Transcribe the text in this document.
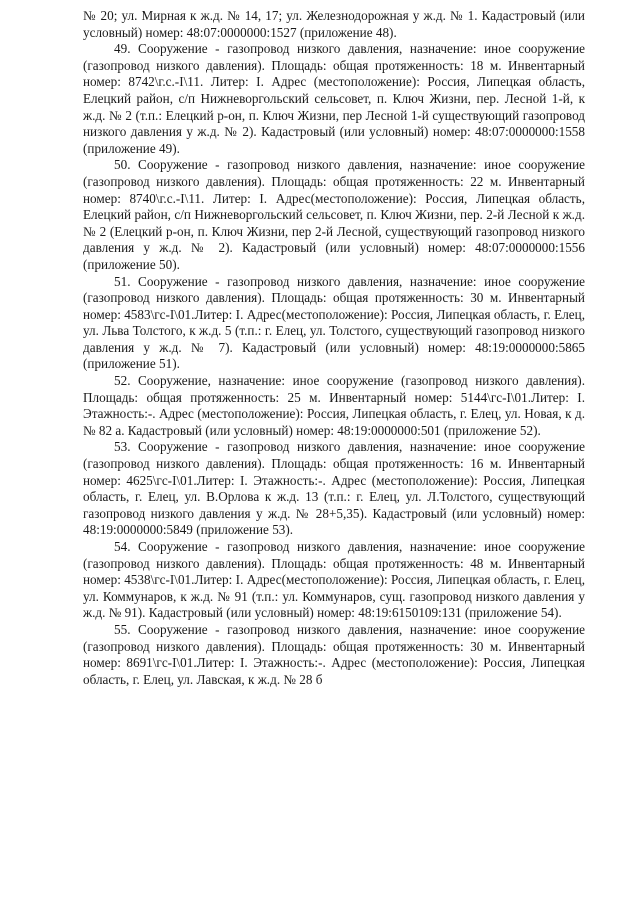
№ 20; ул. Мирная к ж.д. № 14, 17; ул. Железнодорожная у ж.д. № 1. Кадастровый (или условный) номер: 48:07:0000000:1527 (приложение 48).

49. Сооружение - газопровод низкого давления, назначение: иное сооружение (газопровод низкого давления). Площадь: общая протяженность: 18 м. Инвентарный номер: 8742\г.с.-I\11. Литер: I. Адрес (местоположение): Россия, Липецкая область, Елецкий район, с/п Нижневоргольский сельсовет, п. Ключ Жизни, пер. Лесной 1-й, к ж.д. № 2 (т.п.: Елецкий р-он, п. Ключ Жизни, пер Лесной 1-й существующий газопровод низкого давления у ж.д. № 2). Кадастровый (или условный) номер: 48:07:0000000:1558 (приложение 49).

50. Сооружение - газопровод низкого давления, назначение: иное сооружение (газопровод низкого давления). Площадь: общая протяженность: 22 м. Инвентарный номер: 8740\г.с.-I\11. Литер: I. Адрес(местоположение): Россия, Липецкая область, Елецкий район, с/п Нижневоргольский сельсовет, п. Ключ Жизни, пер. 2-й Лесной к ж.д. № 2 (Елецкий р-он, п. Ключ Жизни, пер 2-й Лесной, существующий газопровод низкого давления у ж.д. № 2). Кадастровый (или условный) номер: 48:07:0000000:1556 (приложение 50).

51. Сооружение - газопровод низкого давления, назначение: иное сооружение (газопровод низкого давления). Площадь: общая протяженность: 30 м. Инвентарный номер: 4583\гс-I\01.Литер: I. Адрес(местоположение): Россия, Липецкая область, г. Елец, ул. Льва Толстого, к ж.д. 5 (т.п.: г. Елец, ул. Толстого, существующий газопровод низкого давления у ж.д. № 7). Кадастровый (или условный) номер: 48:19:0000000:5865 (приложение 51).

52. Сооружение, назначение: иное сооружение (газопровод низкого давления). Площадь: общая протяженность: 25 м. Инвентарный номер: 5144\гс-I\01.Литер: I. Этажность:-. Адрес (местоположение): Россия, Липецкая область, г. Елец, ул. Новая, к д. № 82 а. Кадастровый (или условный) номер: 48:19:0000000:501 (приложение 52).

53. Сооружение - газопровод низкого давления, назначение: иное сооружение (газопровод низкого давления). Площадь: общая протяженность: 16 м. Инвентарный номер: 4625\гс-I\01.Литер: I. Этажность:-. Адрес (местоположение): Россия, Липецкая область, г. Елец, ул. В.Орлова к ж.д. 13 (т.п.: г. Елец, ул. Л.Толстого, существующий газопровод низкого давления у ж.д. № 28+5,35). Кадастровый (или условный) номер: 48:19:0000000:5849 (приложение 53).

54. Сооружение - газопровод низкого давления, назначение: иное сооружение (газопровод низкого давления). Площадь: общая протяженность: 48 м. Инвентарный номер: 4538\гс-I\01.Литер: I. Адрес(местоположение): Россия, Липецкая область, г. Елец, ул. Коммунаров, к ж.д. № 91 (т.п.: ул. Коммунаров, сущ. газопровод низкого давления у ж.д. № 91). Кадастровый (или условный) номер: 48:19:6150109:131 (приложение 54).

55. Сооружение - газопровод низкого давления, назначение: иное сооружение (газопровод низкого давления). Площадь: общая протяженность: 30 м. Инвентарный номер: 8691\гс-I\01.Литер: I. Этажность:-. Адрес (местоположение): Россия, Липецкая область, г. Елец, ул. Лавская, к ж.д. № 28 б
